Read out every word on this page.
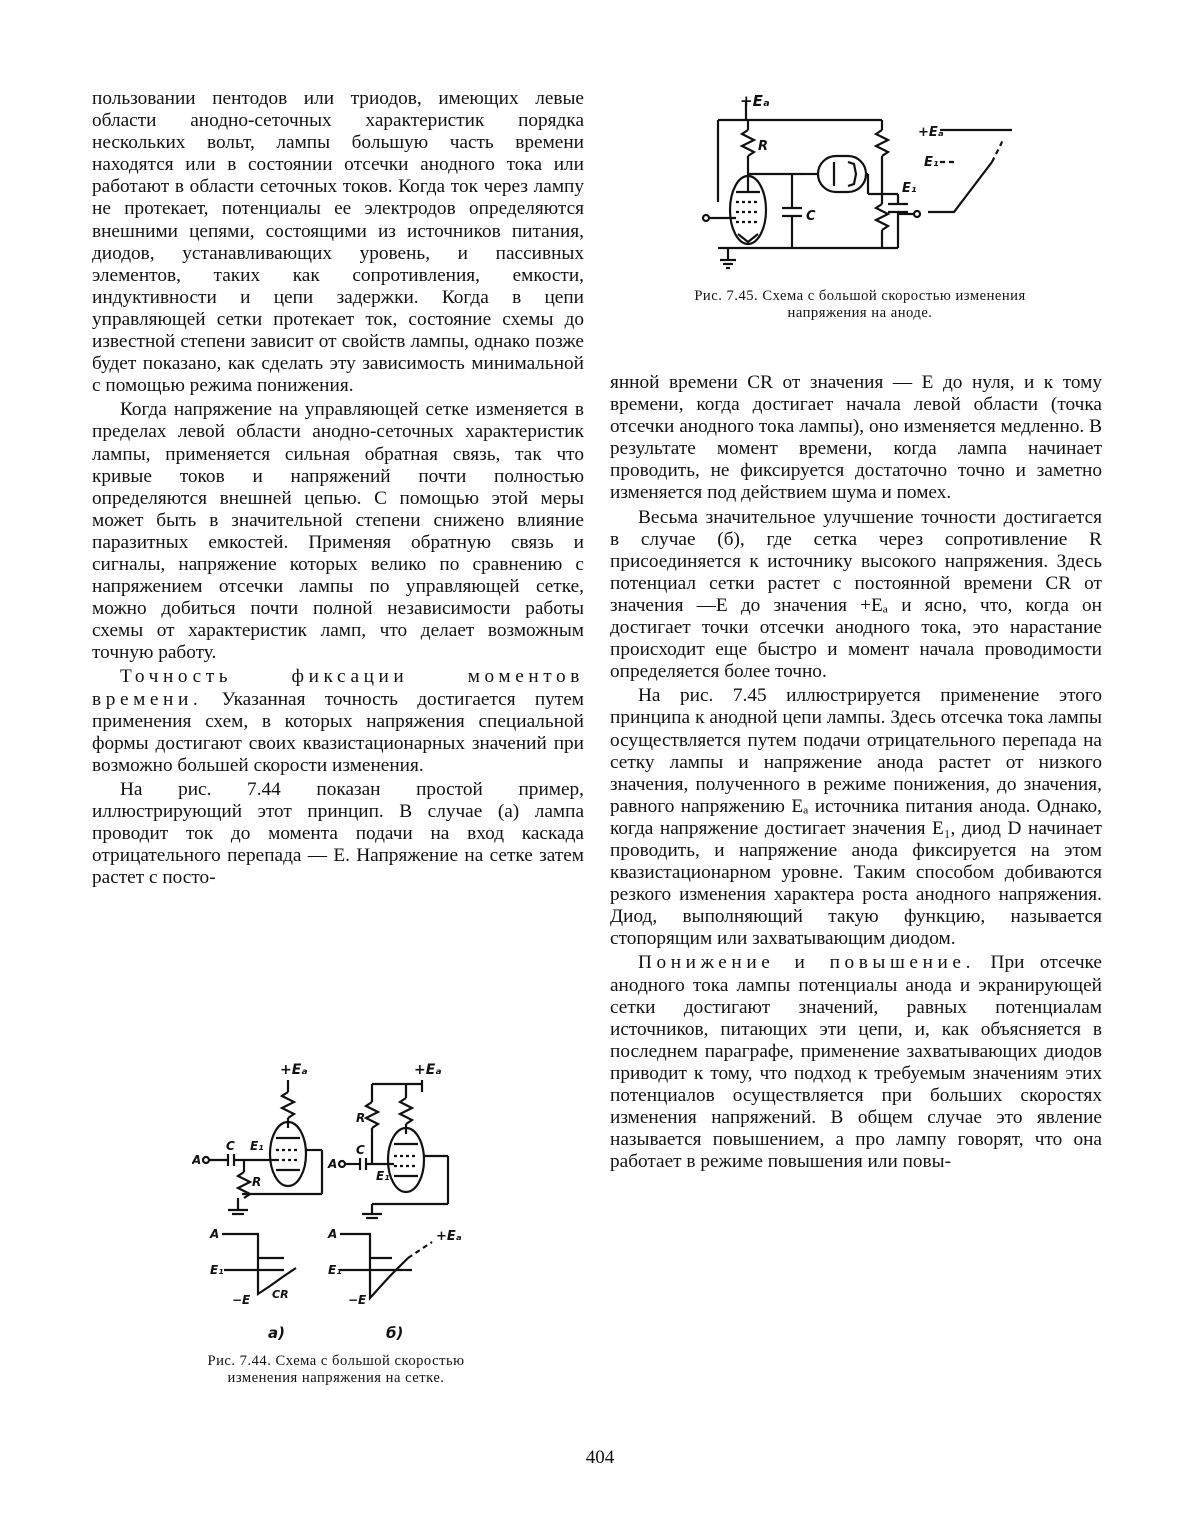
пользовании пентодов или триодов, имеющих левые области анодно-сеточных характеристик порядка нескольких вольт, лампы большую часть времени находятся или в состоянии отсечки анодного тока или работают в области сеточных токов. Когда ток через лампу не протекает, потенциалы ее электродов определяются внешними цепями, состоящими из источников питания, диодов, устанавливающих уровень, и пассивных элементов, таких как сопротивления, емкости, индуктивности и цепи задержки. Когда в цепи управляющей сетки протекает ток, состояние схемы до известной степени зависит от свойств лампы, однако позже будет показано, как сделать эту зависимость минимальной с помощью режима понижения.

Когда напряжение на управляющей сетке изменяется в пределах левой области анодно-сеточных характеристик лампы, применяется сильная обратная связь, так что кривые токов и напряжений почти полностью определяются внешней цепью. С помощью этой меры может быть в значительной степени снижено влияние паразитных емкостей. Применяя обратную связь и сигналы, напряжение которых велико по сравнению с напряжением отсечки лампы по управляющей сетке, можно добиться почти полной независимости работы схемы от характеристик ламп, что делает возможным точную работу.

Точность фиксации моментов времени. Указанная точность достигается путем применения схем, в которых напряжения специальной формы достигают своих квазистационарных значений при возможно большей скорости изменения.

На рис. 7.44 показан простой пример, иллюстрирующий этот принцип. В случае (а) лампа проводит ток до момента подачи на вход каскада отрицательного перепада — Е. Напряжение на сетке затем растет с посто-

янной времени CR от значения — Е до нуля, и к тому времени, когда достигает начала левой области (точка отсечки анодного тока лампы), оно изменяется медленно. В результате момент времени, когда лампа начинает проводить, не фиксируется достаточно точно и заметно изменяется под действием шума и помех.

Весьма значительное улучшение точности достигается в случае (б), где сетка через сопротивление R присоединяется к источнику высокого напряжения. Здесь потенциал сетки растет с постоянной времени CR от значения —Е до значения +Eₐ и ясно, что, когда он достигает точки отсечки анодного тока, это нарастание происходит еще быстро и момент начала проводимости определяется более точно.

На рис. 7.45 иллюстрируется применение этого принципа к анодной цепи лампы. Здесь отсечка тока лампы осуществляется путем подачи отрицательного перепада на сетку лампы и напряжение анода растет от низкого значения, полученного в режиме понижения, до значения, равного напряжению Eₐ источника питания анода. Однако, когда напряжение достигает значения E₁, диод D начинает проводить, и напряжение анода фиксируется на этом квазистационарном уровне. Таким способом добиваются резкого изменения характера роста анодного напряжения. Диод, выполняющий такую функцию, называется стопорящим или захватывающим диодом.

Понижение и повышение. При отсечке анодного тока лампы потенциалы анода и экранирующей сетки достигают значений, равных потенциалам источников, питающих эти цепи, и, как объясняется в последнем параграфе, применение захватывающих диодов приводит к тому, что подход к требуемым значениям этих потенциалов осуществляется при больших скоростях изменения напряжений. В общем случае это явление называется повышением, а про лампу говорят, что она работает в режиме повышения или повы-

+Eₐ
R
C
E₁
+Eₐ
E₁
Рис. 7.45. Схема с большой скоростью изменения напряжения на аноде.
+Eₐ	+Eₐ
C E₁
R
A
R
C
E₁
A
A
E₁
−E CR
A
E₁
−E
+Eₐ
a)	б)
Рис. 7.44. Схема с большой скоростью изменения напряжения на сетке.
404
